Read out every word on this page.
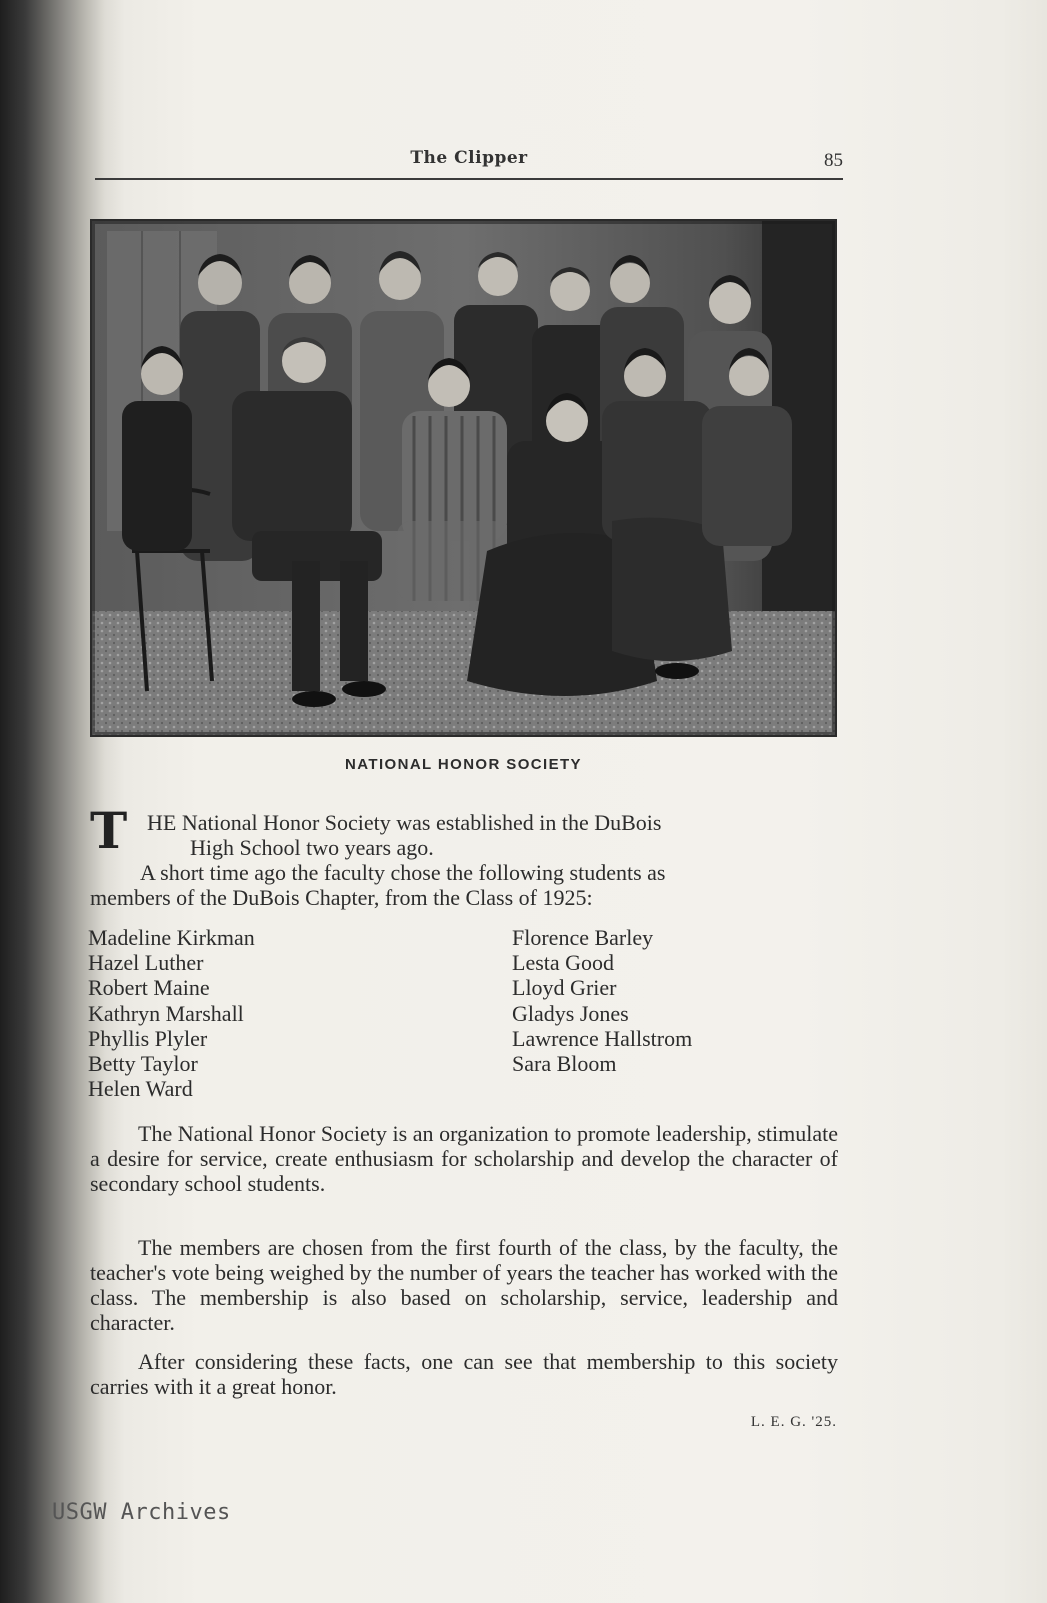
The Clipper	85
NATIONAL HONOR SOCIETY
T HE National Honor Society was established in the DuBois
High School two years ago.
A short time ago the faculty chose the following students as
members of the DuBois Chapter, from the Class of 1925:
Madeline Kirkman
Hazel Luther
Robert Maine
Kathryn Marshall
Phyllis Plyler
Betty Taylor
Helen Ward
Florence Barley
Lesta Good
Lloyd Grier
Gladys Jones
Lawrence Hallstrom
Sara Bloom

The National Honor Society is an organization to promote leadership, stimulate a desire for service, create enthusiasm for scholarship and develop the character of secondary school students.

The members are chosen from the first fourth of the class, by the faculty, the teacher's vote being weighed by the number of years the teacher has worked with the class. The membership is also based on scholarship, service, leadership and character.

After considering these facts, one can see that membership to this society carries with it a great honor.

L. E. G. '25.
USGW Archives
